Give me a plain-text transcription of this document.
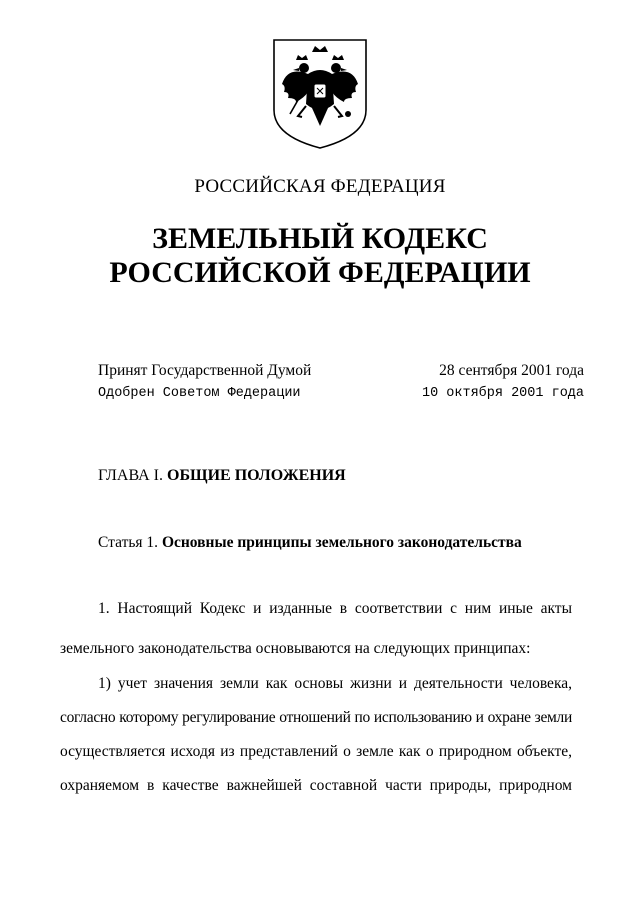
РОССИЙСКАЯ ФЕДЕРАЦИЯ
ЗЕМЕЛЬНЫЙ КОДЕКС
РОССИЙСКОЙ ФЕДЕРАЦИИ
Принят Государственной Думой	28 сентября 2001 года
Одобрен Советом Федерации	10 октября 2001 года
ГЛАВА I. ОБЩИЕ ПОЛОЖЕНИЯ
Статья 1. Основные принципы земельного законодательства
1. Настоящий Кодекс и изданные в соответствии с ним иные акты
земельного законодательства основываются на следующих принципах:
1) учет значения земли как основы жизни и деятельности человека,
согласно которому регулирование отношений по использованию и охране земли
осуществляется исходя из представлений о земле как о природном объекте,
охраняемом в качестве важнейшей составной части природы, природном
